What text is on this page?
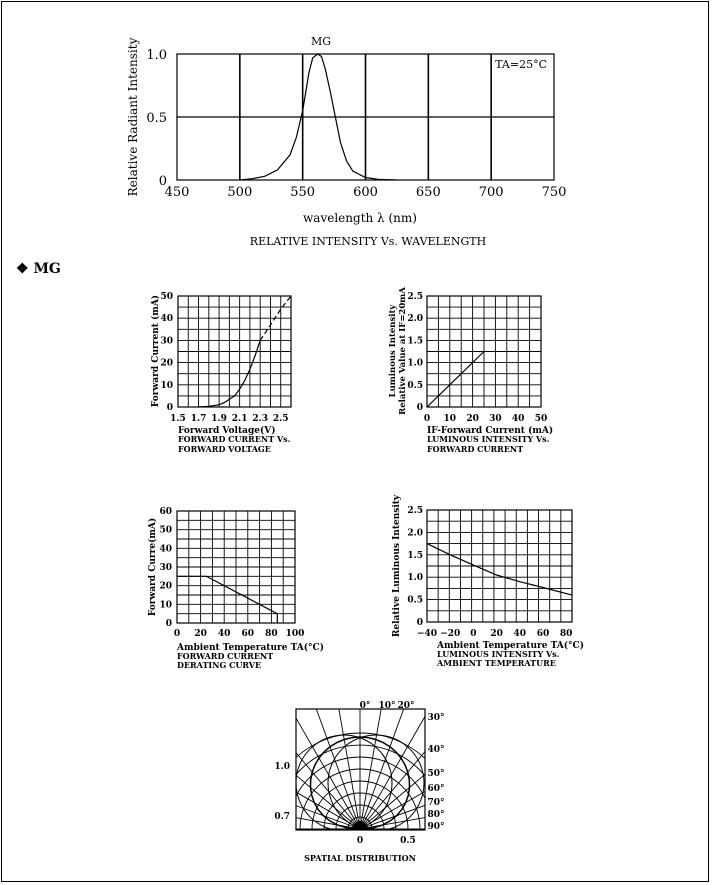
❖ MG
450	500	550	600	650	700	750
0
0.5
1.0
MG
TA=25°C
wavelength λ (nm)
Relative Radiant Intensity
RELATIVE INTENSITY Vs. WAVELENGTH
1.5 1.7 1.9 2.1 2.3 2.5
0
10
20
30
40
50
Forward Voltage(V)
FORWARD CURRENT Vs.
FORWARD VOLTAGE
Forward Current (mA)
0 10 20 30 40 50
0
0.5
1.0
1.5
2.0
2.5
IF-Forward Current (mA)
LUMINOUS INTENSITY Vs.
FORWARD CURRENT
Luminous Intensity Relative Value at IF=20mA
0 20 40 60 80 100
0
10
20
30
40
50
60
Ambient Temperature TA(°C)
FORWARD CURRENT
DERATING CURVE
Forward Curre(mA)
−40 −20 0 20 40 60 80
0
0.5
1.0
1.5
2.0
2.5
Ambient Temperature TA(°C)
LUMINOUS INTENSITY Vs.
AMBIENT TEMPERATURE
Relative Luminous Intensity
0° 10° 20°
30°
40°
50°
60°
70°
80°
90°
1.0
0.7
0	0.5
SPATIAL DISTRIBUTION
